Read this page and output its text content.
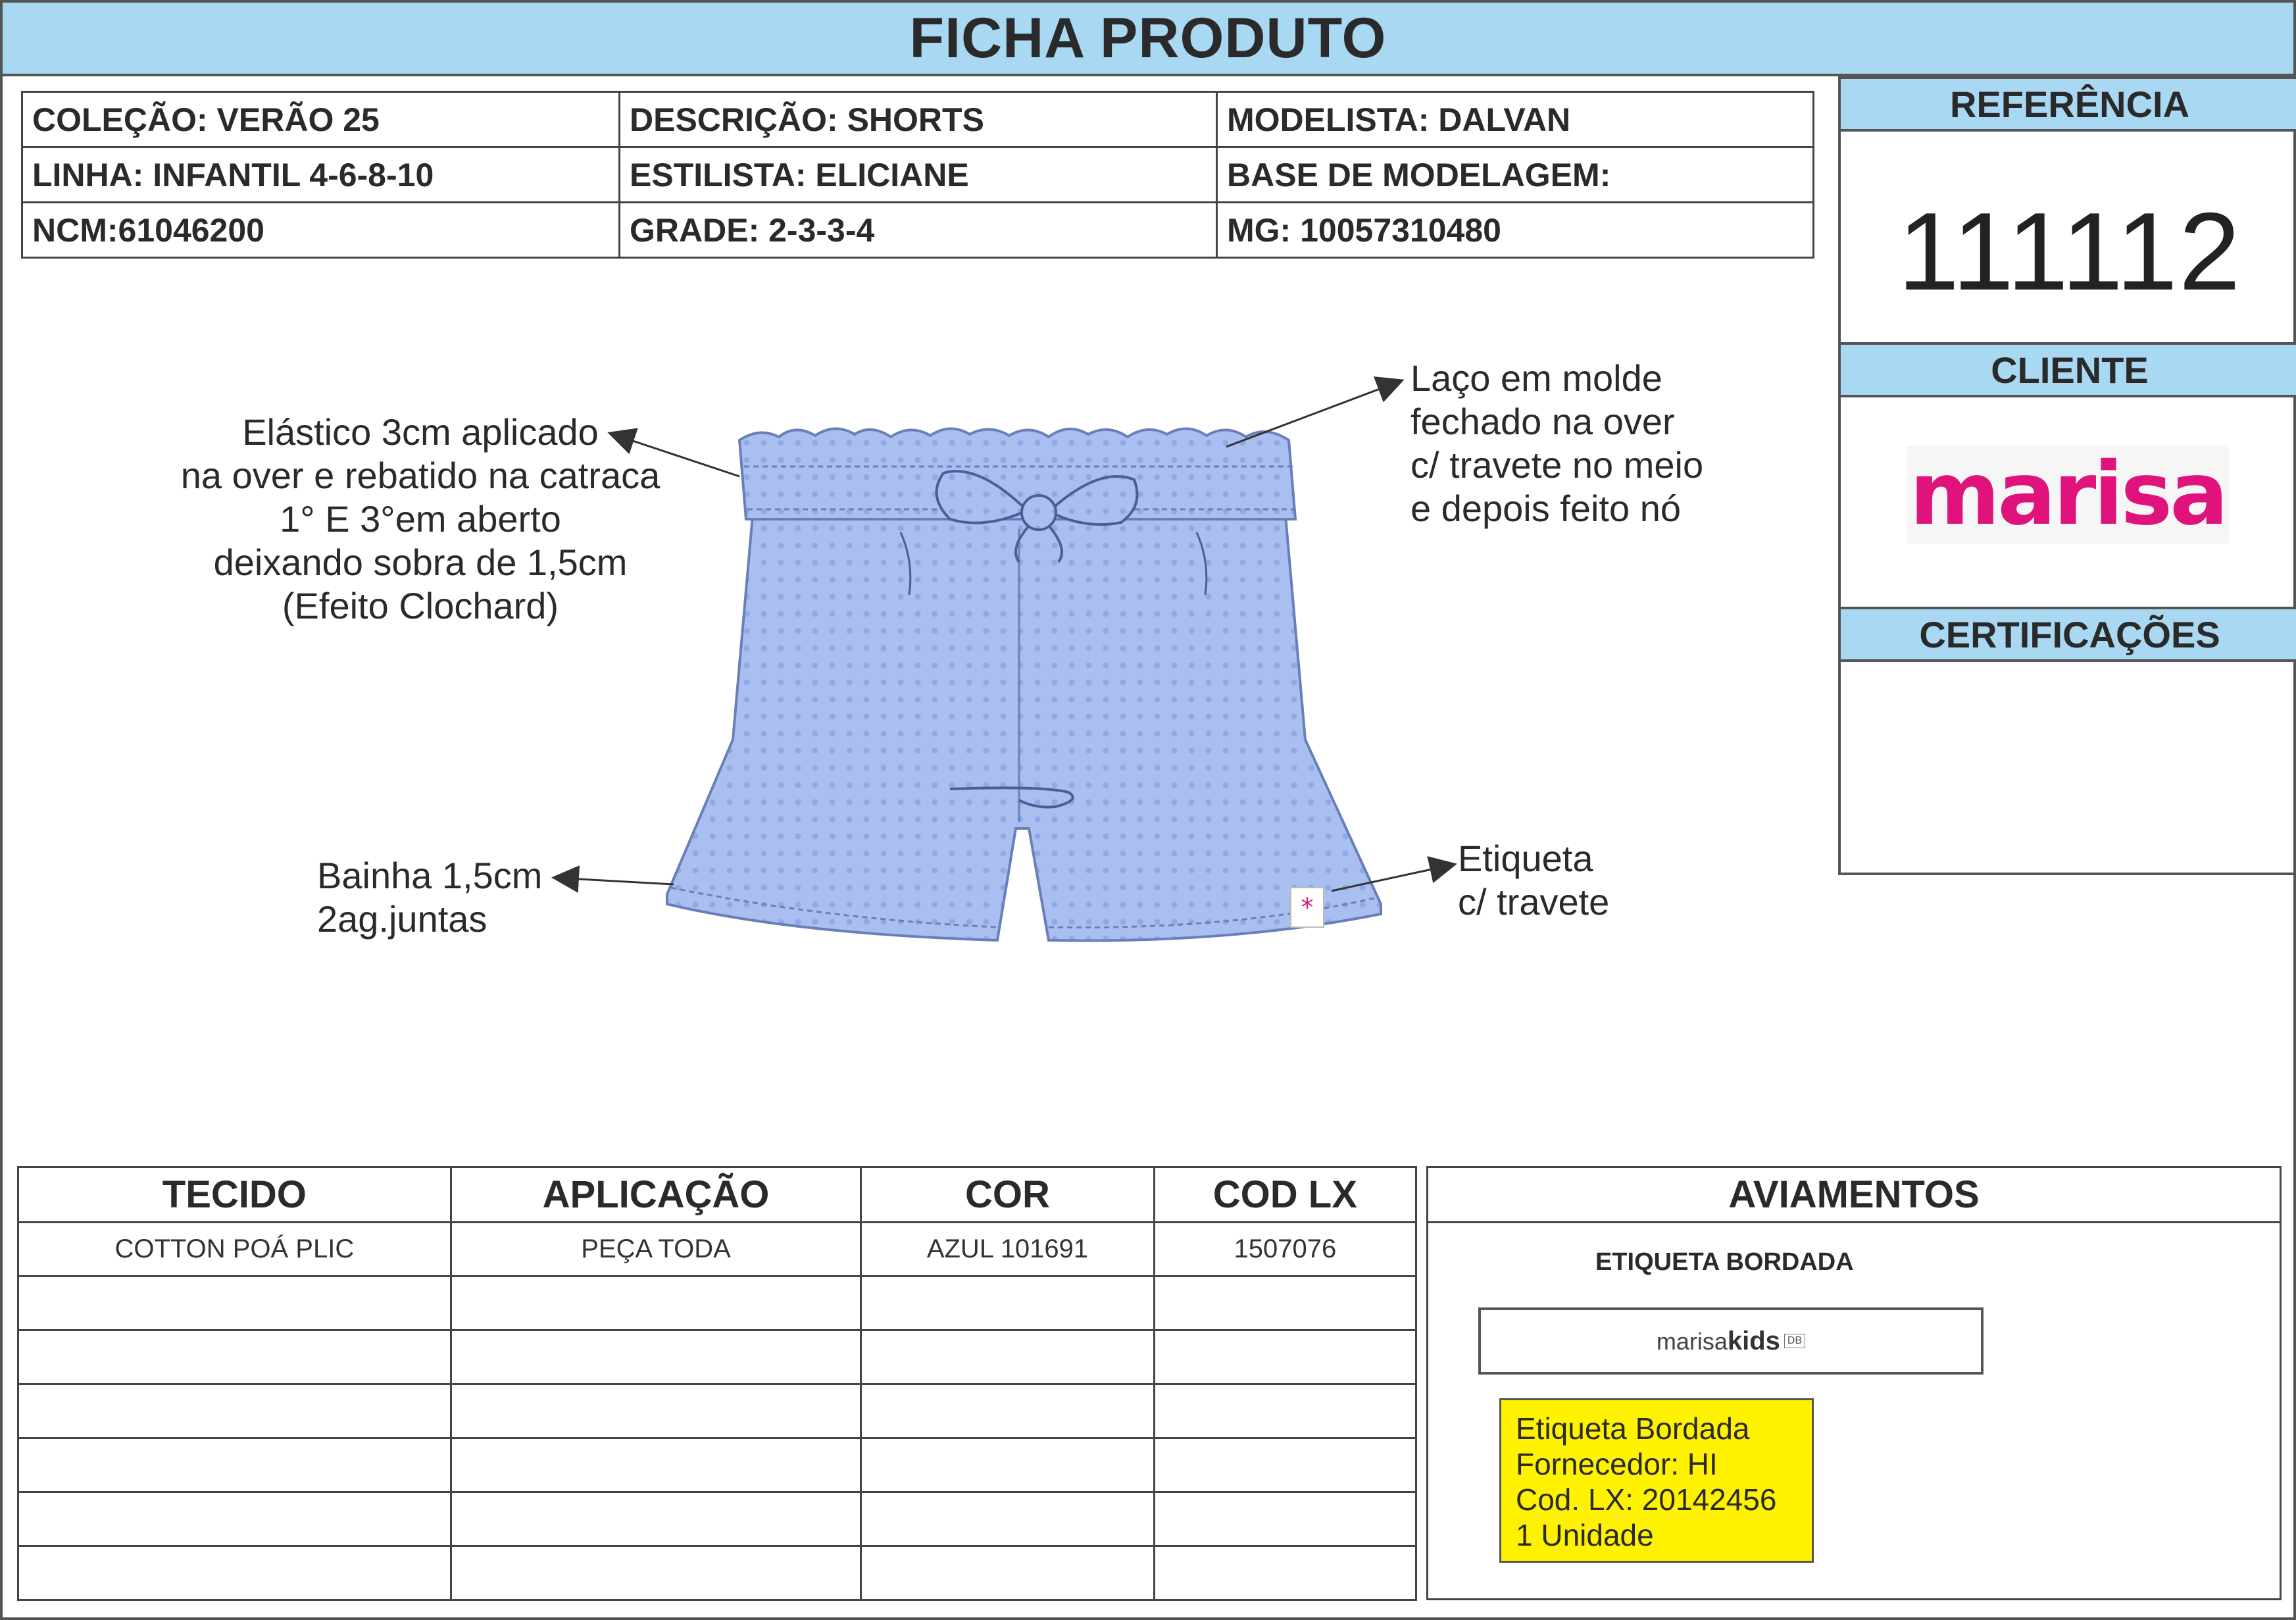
FICHA PRODUTO
COLEÇÃO: VERÃO 25	DESCRIÇÃO: SHORTS	MODELISTA: DALVAN
LINHA: INFANTIL 4-6-8-10	ESTILISTA: ELICIANE	BASE DE MODELAGEM:
NCM:61046200	GRADE: 2-3-3-4	MG: 10057310480
REFERÊNCIA
111112
CLIENTE
marisa
CERTIFICAÇÕES
*
Elástico 3cm aplicado
na over e rebatido na catraca
1° E 3°em aberto
deixando sobra de 1,5cm
(Efeito Clochard)
Laço em molde
fechado na over
c/ travete no meio
e depois feito nó
Bainha 1,5cm
2ag.juntas
Etiqueta
c/ travete
TECIDO	APLICAÇÃO	COR	COD LX
COTTON POÁ PLIC	PEÇA TODA	AZUL 101691	1507076

AVIAMENTOS
ETIQUETA BORDADA
marisakids DB
Etiqueta Bordada
Fornecedor: HI
Cod. LX: 20142456
1 Unidade
